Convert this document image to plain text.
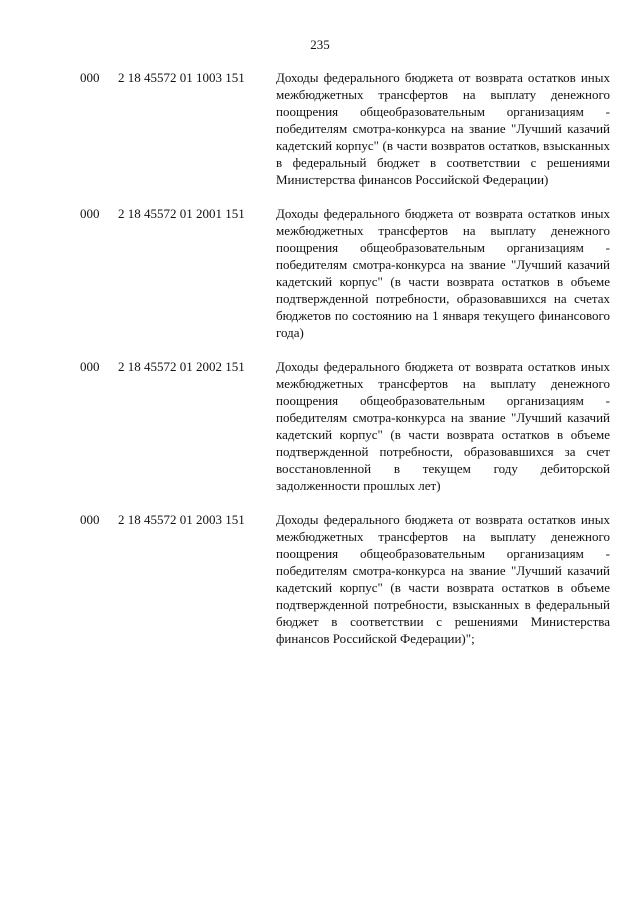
235
000 2 18 45572 01 1003 151 Доходы федерального бюджета от возврата остатков иных межбюджетных трансфертов на выплату денежного поощрения общеобразовательным организациям - победителям смотра-конкурса на звание "Лучший казачий кадетский корпус" (в части возвратов остатков, взысканных в федеральный бюджет в соответствии с решениями Министерства финансов Российской Федерации)
000 2 18 45572 01 2001 151 Доходы федерального бюджета от возврата остатков иных межбюджетных трансфертов на выплату денежного поощрения общеобразовательным организациям - победителям смотра-конкурса на звание "Лучший казачий кадетский корпус" (в части возврата остатков в объеме подтвержденной потребности, образовавшихся на счетах бюджетов по состоянию на 1 января текущего финансового года)
000 2 18 45572 01 2002 151 Доходы федерального бюджета от возврата остатков иных межбюджетных трансфертов на выплату денежного поощрения общеобразовательным организациям - победителям смотра-конкурса на звание "Лучший казачий кадетский корпус" (в части возврата остатков в объеме подтвержденной потребности, образовавшихся за счет восстановленной в текущем году дебиторской задолженности прошлых лет)
000 2 18 45572 01 2003 151 Доходы федерального бюджета от возврата остатков иных межбюджетных трансфертов на выплату денежного поощрения общеобразовательным организациям - победителям смотра-конкурса на звание "Лучший казачий кадетский корпус" (в части возврата остатков в объеме подтвержденной потребности, взысканных в федеральный бюджет в соответствии с решениями Министерства финансов Российской Федерации)";
